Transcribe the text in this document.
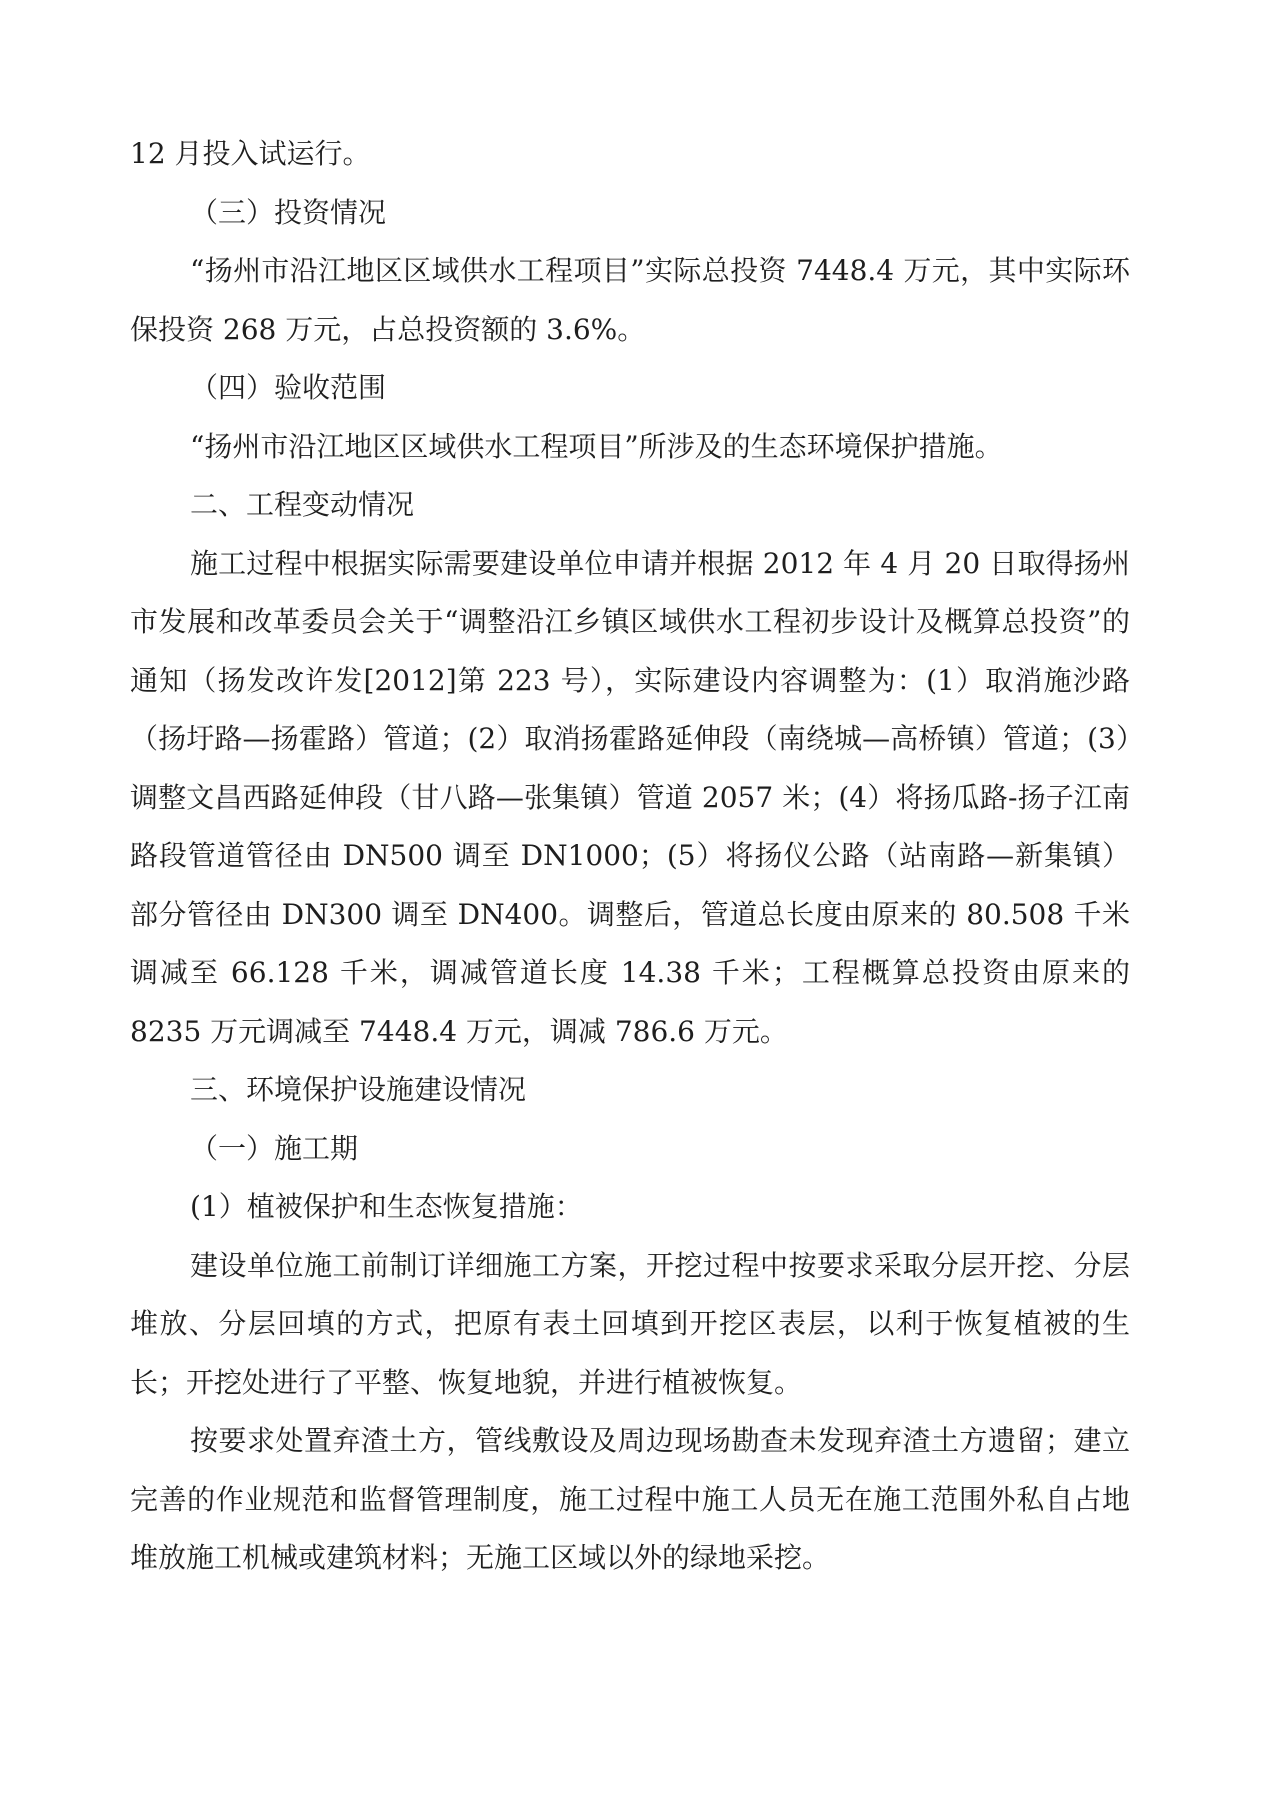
12 月投入试运行。

（三）投资情况

“扬州市沿江地区区域供水工程项目”实际总投资 7448.4 万元，其中实际环保投资 268 万元，占总投资额的 3.6%。

（四）验收范围

“扬州市沿江地区区域供水工程项目”所涉及的生态环境保护措施。

二、工程变动情况

施工过程中根据实际需要建设单位申请并根据 2012 年 4 月 20 日取得扬州市发展和改革委员会关于“调整沿江乡镇区域供水工程初步设计及概算总投资”的通知（扬发改许发[2012]第 223 号），实际建设内容调整为：(1）取消施沙路（扬圩路—扬霍路）管道；(2）取消扬霍路延伸段（南绕城—高桥镇）管道；(3）调整文昌西路延伸段（甘八路—张集镇）管道 2057 米；(4）将扬瓜路-扬子江南路段管道管径由 DN500 调至 DN1000；(5）将扬仪公路（站南路—新集镇）部分管径由 DN300 调至 DN400。调整后，管道总长度由原来的 80.508 千米调减至 66.128 千米，调减管道长度 14.38 千米；工程概算总投资由原来的 8235 万元调减至 7448.4 万元，调减 786.6 万元。

三、环境保护设施建设情况

（一）施工期

(1）植被保护和生态恢复措施：

建设单位施工前制订详细施工方案，开挖过程中按要求采取分层开挖、分层堆放、分层回填的方式，把原有表土回填到开挖区表层，以利于恢复植被的生长；开挖处进行了平整、恢复地貌，并进行植被恢复。

按要求处置弃渣土方，管线敷设及周边现场勘查未发现弃渣土方遗留；建立完善的作业规范和监督管理制度，施工过程中施工人员无在施工范围外私自占地堆放施工机械或建筑材料；无施工区域以外的绿地采挖。
